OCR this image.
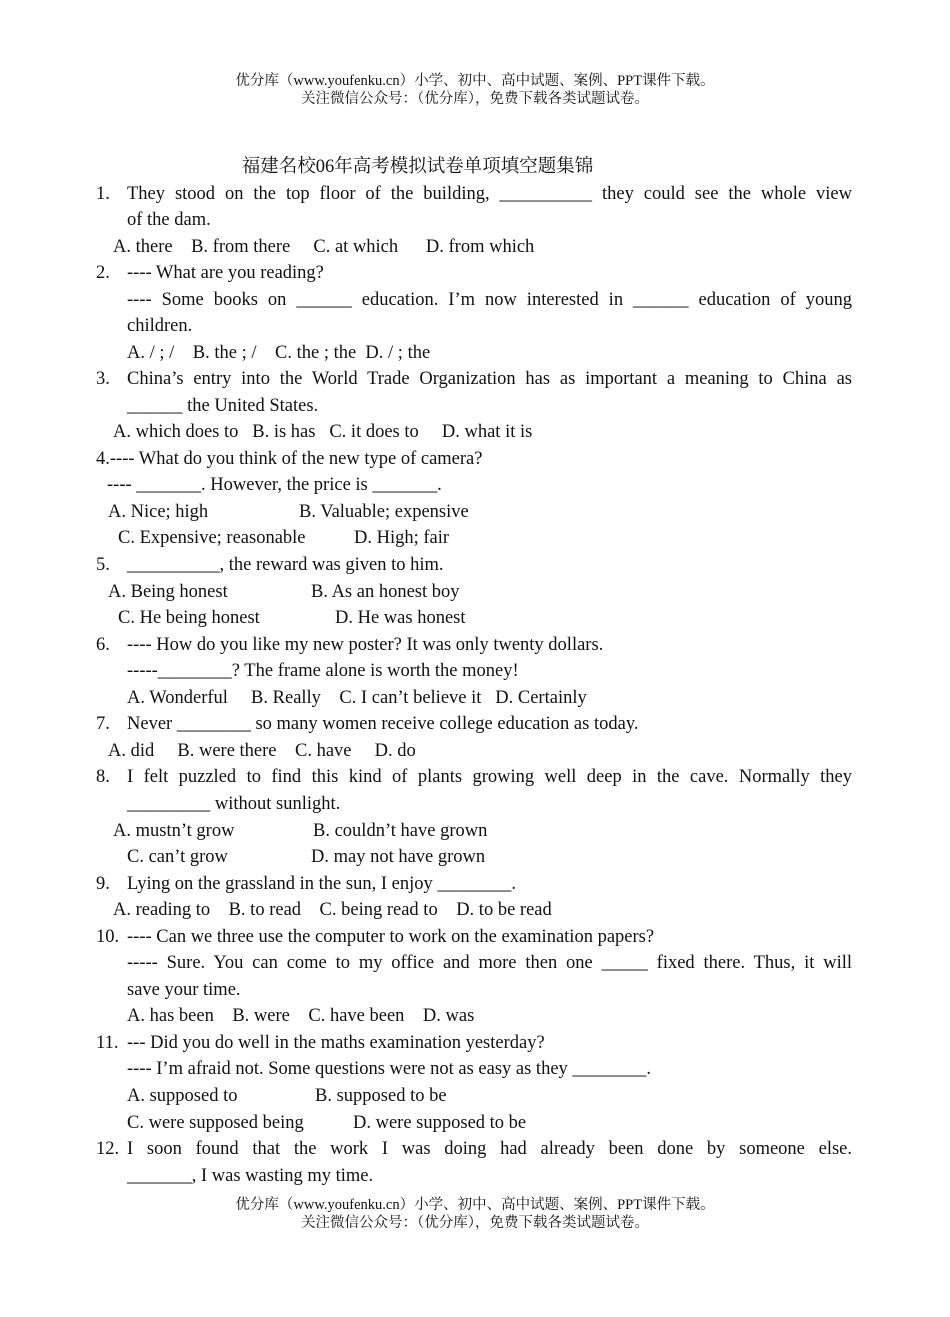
优分库（www.youfenku.cn）小学、初中、高中试题、案例、PPT课件下载。
关注微信公众号：（优分库），免费下载各类试题试卷。
福建名校06年高考模拟试卷单项填空题集锦
1. They stood on the top floor of the building, __________ they could see the whole view
of the dam.
A. there    B. from there     C. at which      D. from which
2. ---- What are you reading?
---- Some books on ______ education. I’m now interested in ______ education of young
children.
A. / ; /    B. the ; /    C. the ; the  D. / ; the
3. China’s entry into the World Trade Organization has as important a meaning to China as
______ the United States.
A. which does to   B. is has   C. it does to     D. what it is
4.---- What do you think of the new type of camera?
---- _______. However, the price is _______.
A. Nice; high	B. Valuable; expensive
C. Expensive; reasonable	D. High; fair
5. __________, the reward was given to him.
A. Being honest	B. As an honest boy
C. He being honest	D. He was honest
6. ---- How do you like my new poster? It was only twenty dollars.
-----________? The frame alone is worth the money!
A. Wonderful     B. Really    C. I can’t believe it   D. Certainly
7. Never ________ so many women receive college education as today.
A. did     B. were there    C. have     D. do
8. I felt puzzled to find this kind of plants growing well deep in the cave. Normally they
_________ without sunlight.
A. mustn’t grow	B. couldn’t have grown
C. can’t grow	D. may not have grown
9. Lying on the grassland in the sun, I enjoy ________.
A. reading to    B. to read    C. being read to    D. to be read
10. ---- Can we three use the computer to work on the examination papers?
----- Sure. You can come to my office and more then one _____ fixed there. Thus, it will
save your time.
A. has been    B. were    C. have been    D. was
11. --- Did you do well in the maths examination yesterday?
---- I’m afraid not. Some questions were not as easy as they ________.
A. supposed to	B. supposed to be
C. were supposed being	D. were supposed to be
12. I soon found that the work I was doing had already been done by someone else.
_______, I was wasting my time.
优分库（www.youfenku.cn）小学、初中、高中试题、案例、PPT课件下载。
关注微信公众号：（优分库），免费下载各类试题试卷。
